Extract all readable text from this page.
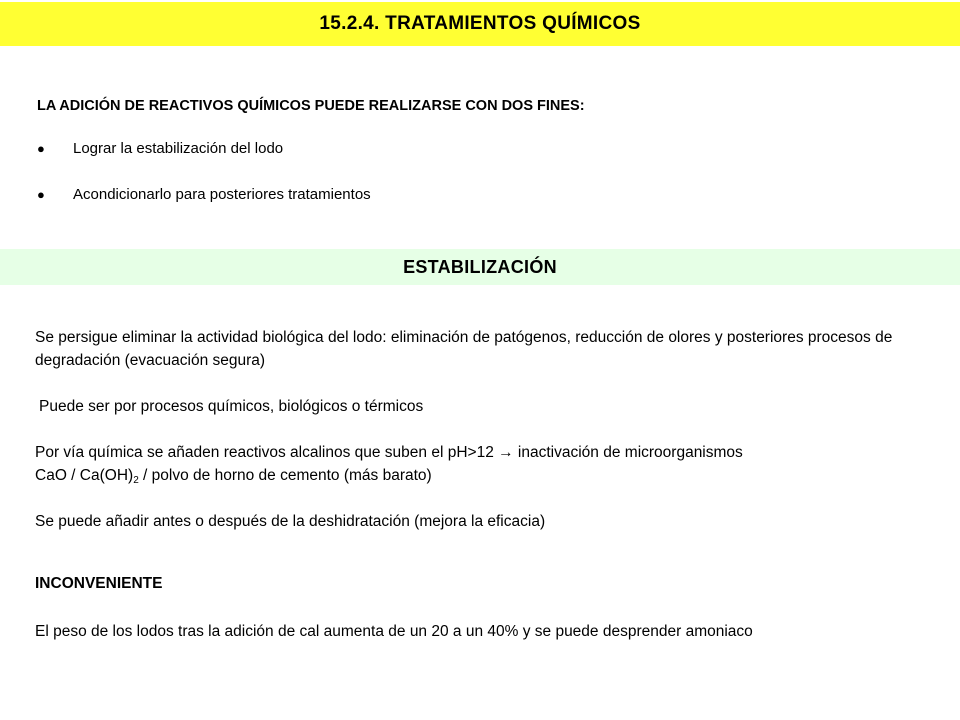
15.2.4. TRATAMIENTOS QUÍMICOS

LA ADICIÓN DE REACTIVOS QUÍMICOS PUEDE REALIZARSE CON DOS FINES:

●	Lograr la estabilización del lodo
●	Acondicionarlo para posteriores tratamientos
ESTABILIZACIÓN

Se persigue eliminar la actividad biológica del lodo: eliminación de patógenos, reducción de olores y posteriores procesos de degradación (evacuación segura)

Puede ser por procesos químicos, biológicos o térmicos

Por vía química se añaden reactivos alcalinos que suben el pH>12 → inactivación de microorganismos

CaO / $Ca(OH)_2$ / polvo de horno de cemento (más barato)

Se puede añadir antes o después de la deshidratación (mejora la eficacia)

INCONVENIENTE

El peso de los lodos tras la adición de cal aumenta de un 20 a un 40% y se puede desprender amoniaco
